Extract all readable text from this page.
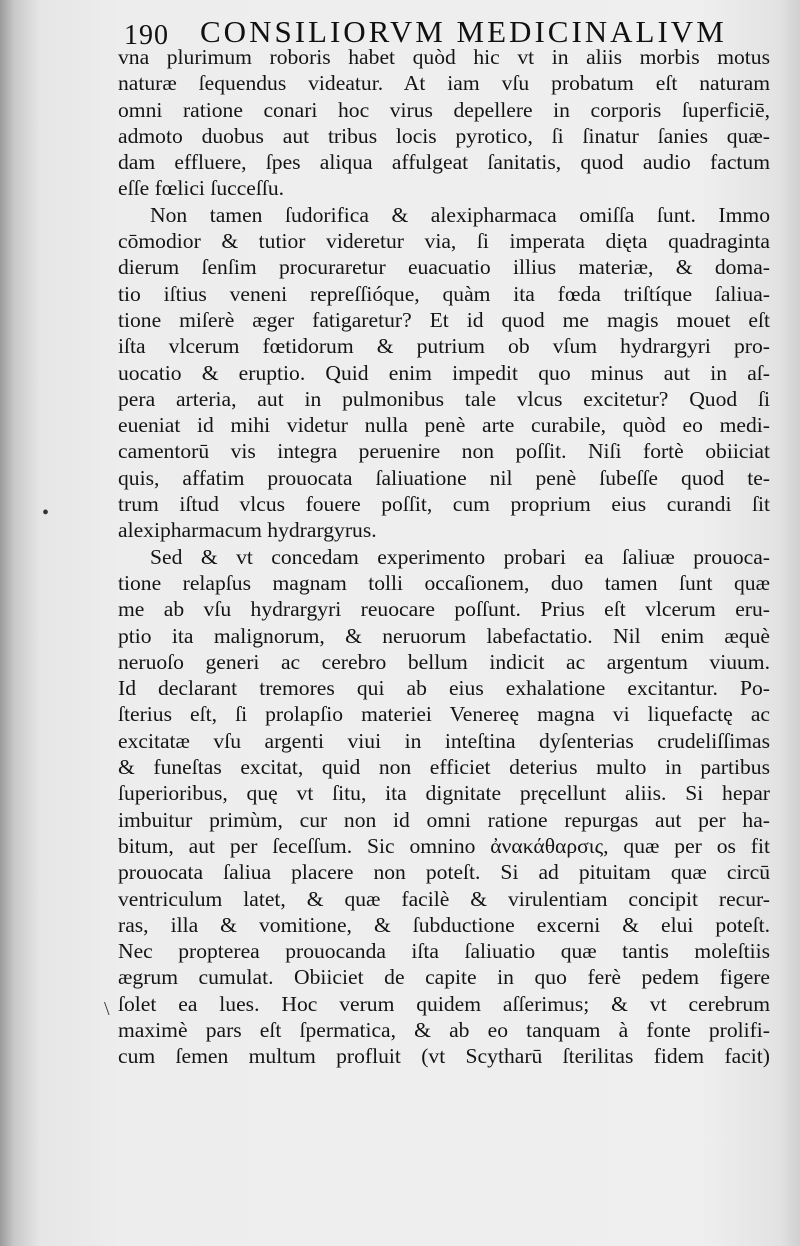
190 CONSILIORVM MEDICINALIVM
vna plurimum roboris habet quòd hic vt in aliis morbis motus
naturæ ſequendus videatur. At iam vſu probatum eſt naturam
omni ratione conari hoc virus depellere in corporis ſuperficiē,
admoto duobus aut tribus locis pyrotico, ſi ſinatur ſanies quæ-
dam effluere, ſpes aliqua affulgeat ſanitatis, quod audio factum
eſſe fœlici ſucceſſu.
Non tamen ſudorifica & alexipharmaca omiſſa ſunt. Immo
cōmodior & tutior videretur via, ſi imperata dięta quadraginta
dierum ſenſim procuraretur euacuatio illius materiæ, & doma-
tio iſtius veneni repreſſióque, quàm ita fœda triſtíque ſaliua-
tione miſerè æger fatigaretur? Et id quod me magis mouet eſt
iſta vlcerum fœtidorum & putrium ob vſum hydrargyri pro-
uocatio & eruptio. Quid enim impedit quo minus aut in aſ-
pera arteria, aut in pulmonibus tale vlcus excitetur? Quod ſi
eueniat id mihi videtur nulla penè arte curabile, quòd eo medi-
camentorū vis integra peruenire non poſſit. Niſi fortè obiiciat
quis, affatim prouocata ſaliuatione nil penè ſubeſſe quod te-
trum iſtud vlcus fouere poſſit, cum proprium eius curandi ſit
alexipharmacum hydrargyrus.
Sed & vt concedam experimento probari ea ſaliuæ prouoca-
tione relapſus magnam tolli occaſionem, duo tamen ſunt quæ
me ab vſu hydrargyri reuocare poſſunt. Prius eſt vlcerum eru-
ptio ita malignorum, & neruorum labefactatio. Nil enim æquè
neruoſo generi ac cerebro bellum indicit ac argentum viuum.
Id declarant tremores qui ab eius exhalatione excitantur. Po-
ſterius eſt, ſi prolapſio materiei Venereę magna vi liquefactę ac
excitatæ vſu argenti viui in inteſtina dyſenterias crudeliſſimas
& funeſtas excitat, quid non efficiet deterius multo in partibus
ſuperioribus, quę vt ſitu, ita dignitate pręcellunt aliis. Si hepar
imbuitur primùm, cur non id omni ratione repurgas aut per ha-
bitum, aut per ſeceſſum. Sic omnino ἀνακάθαρσις, quæ per os fit
prouocata ſaliua placere non poteſt. Si ad pituitam quæ circū
ventriculum latet, & quæ facilè & virulentiam concipit recur-
ras, illa & vomitione, & ſubductione excerni & elui poteſt.
Nec propterea prouocanda iſta ſaliuatio quæ tantis moleſtiis
ægrum cumulat. Obiiciet de capite in quo ferè pedem figere
ſolet ea lues. Hoc verum quidem aſſerimus; & vt cerebrum
maximè pars eſt ſpermatica, & ab eo tanquam à fonte prolifi-
cum ſemen multum profluit (vt Scytharū ſterilitas fidem facit)
•
\
